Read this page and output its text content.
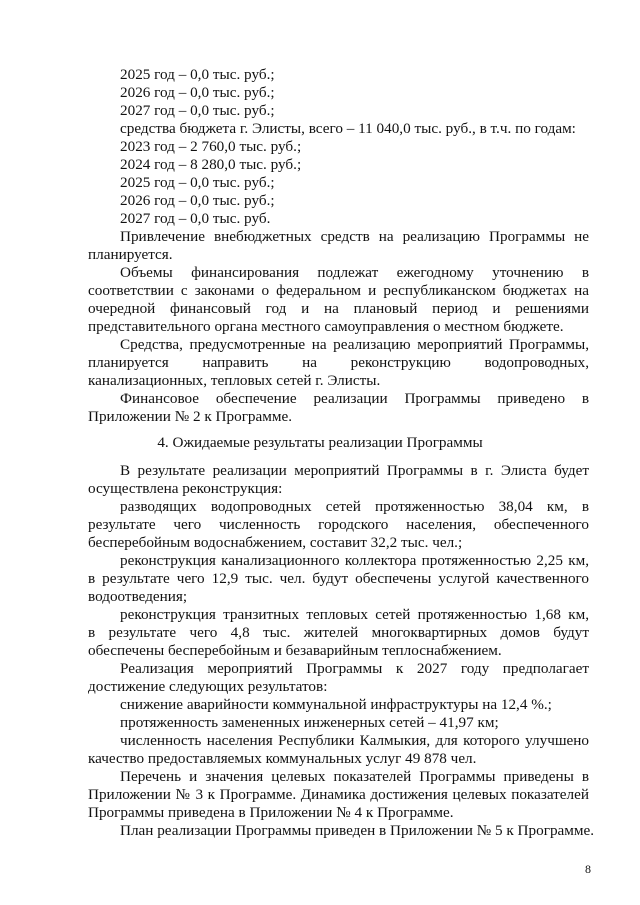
2025 год – 0,0 тыс. руб.;
2026 год – 0,0 тыс. руб.;
2027 год – 0,0 тыс. руб.;
средства бюджета г. Элисты, всего – 11 040,0 тыс. руб., в т.ч. по годам:
2023 год – 2 760,0 тыс. руб.;
2024 год – 8 280,0 тыс. руб.;
2025 год – 0,0 тыс. руб.;
2026 год – 0,0 тыс. руб.;
2027 год – 0,0 тыс. руб.
Привлечение внебюджетных средств на реализацию Программы не
планируется.
Объемы финансирования подлежат ежегодному уточнению в
соответствии с законами о федеральном и республиканском бюджетах на
очередной финансовый год и на плановый период и решениями
представительного органа местного самоуправления о местном бюджете.
Средства, предусмотренные на реализацию мероприятий Программы,
планируется направить на реконструкцию водопроводных,
канализационных, тепловых сетей г. Элисты.
Финансовое обеспечение реализации Программы приведено в
Приложении № 2 к Программе.
4. Ожидаемые результаты реализации Программы
В результате реализации мероприятий Программы в г. Элиста будет
осуществлена реконструкция:
разводящих водопроводных сетей протяженностью 38,04 км, в
результате чего численность городского населения, обеспеченного
бесперебойным водоснабжением, составит 32,2 тыс. чел.;
реконструкция канализационного коллектора протяженностью 2,25 км,
в результате чего 12,9 тыс. чел. будут обеспечены услугой качественного
водоотведения;
реконструкция транзитных тепловых сетей протяженностью 1,68 км,
в результате чего 4,8 тыс. жителей многоквартирных домов будут
обеспечены бесперебойным и безаварийным теплоснабжением.
Реализация мероприятий Программы к 2027 году предполагает
достижение следующих результатов:
снижение аварийности коммунальной инфраструктуры на 12,4 %.;
протяженность замененных инженерных сетей – 41,97 км;
8
численность населения Республики Калмыкия, для которого улучшено
качество предоставляемых коммунальных услуг 49 878 чел.
Перечень и значения целевых показателей Программы приведены в
Приложении № 3 к Программе. Динамика достижения целевых показателей
Программы приведена в Приложении № 4 к Программе.
План реализации Программы приведен в Приложении № 5 к Программе.
